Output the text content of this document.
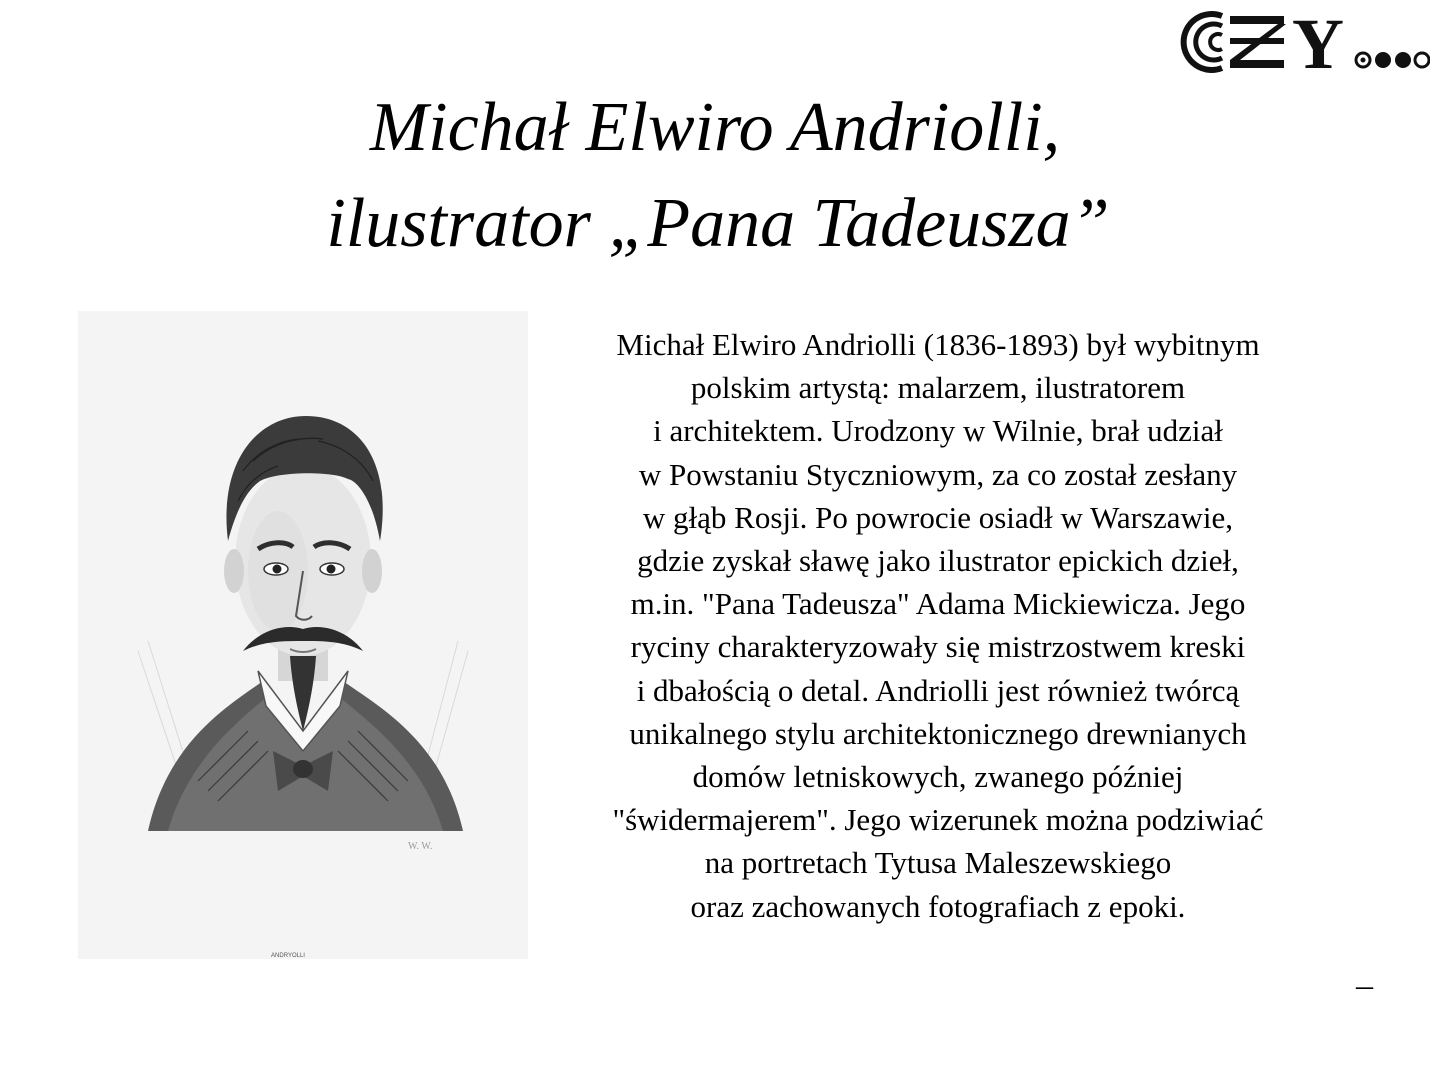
Y
Michał Elwiro Andriolli,
ilustrator „Pana Tadeusza”
W. W.
ANDRYOLLI
Michał Elwiro Andriolli (1836-1893) był wybitnym
polskim artystą: malarzem, ilustratorem
i architektem. Urodzony w Wilnie, brał udział
w Powstaniu Styczniowym, za co został zesłany
w głąb Rosji. Po powrocie osiadł w Warszawie,
gdzie zyskał sławę jako ilustrator epickich dzieł,
m.in. "Pana Tadeusza" Adama Mickiewicza. Jego
ryciny charakteryzowały się mistrzostwem kreski
i dbałością o detal. Andriolli jest również twórcą
unikalnego stylu architektonicznego drewnianych
domów letniskowych, zwanego później
"świdermajerem". Jego wizerunek można podziwiać
na portretach Tytusa Maleszewskiego
oraz zachowanych fotografiach z epoki.
–
